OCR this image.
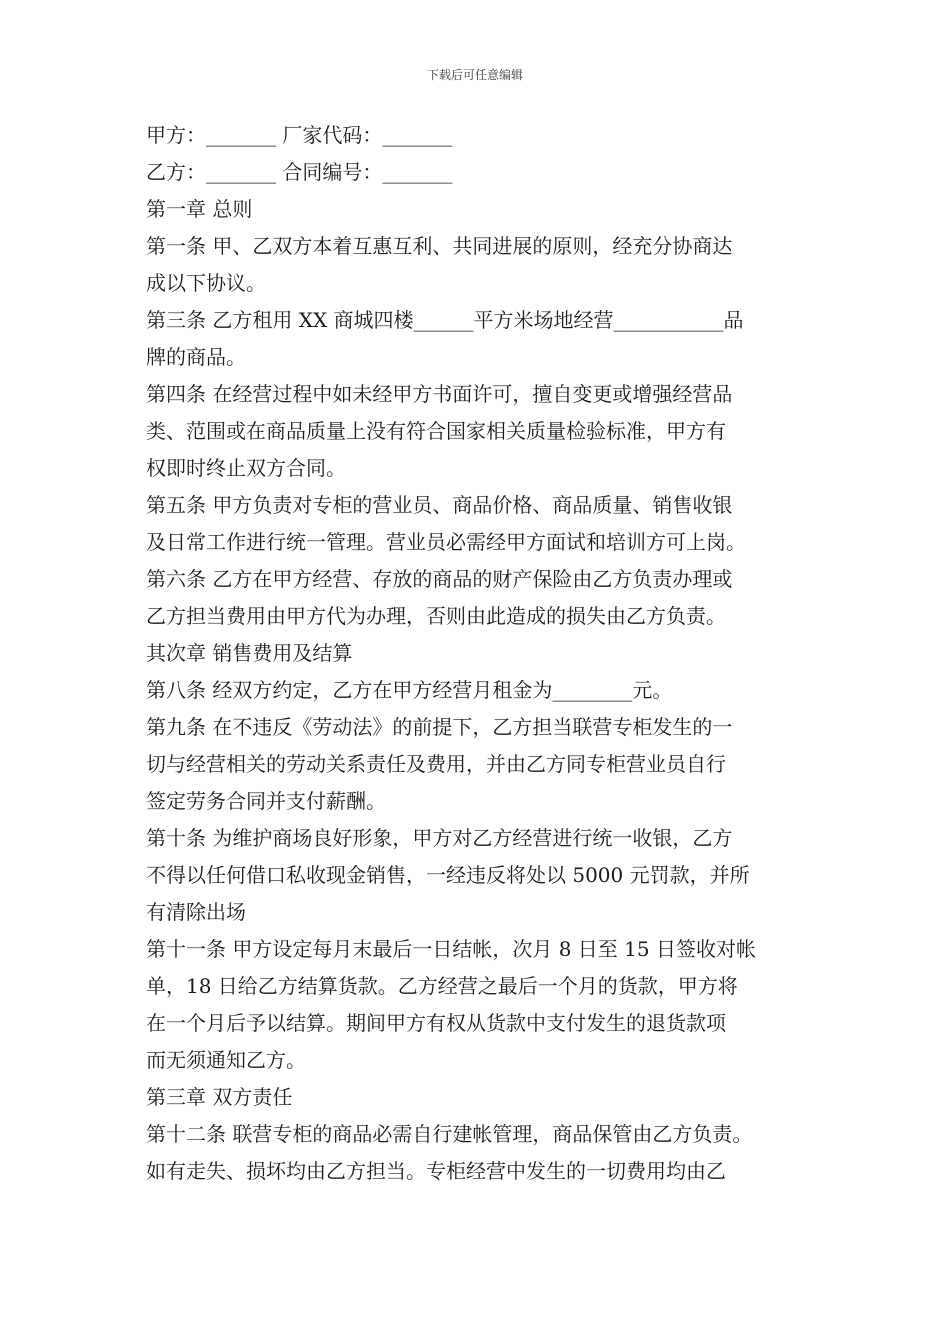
下载后可任意编辑
甲方：_______ 厂家代码：_______
乙方：_______ 合同编号：_______
第一章 总则
第一条 甲、乙双方本着互惠互利、共同进展的原则，经充分协商达
成以下协议。
第三条 乙方租用 XX 商城四楼______平方米场地经营___________品
牌的商品。
第四条 在经营过程中如未经甲方书面许可，擅自变更或增强经营品
类、范围或在商品质量上没有符合国家相关质量检验标准，甲方有
权即时终止双方合同。
第五条 甲方负责对专柜的营业员、商品价格、商品质量、销售收银
及日常工作进行统一管理。营业员必需经甲方面试和培训方可上岗。
第六条 乙方在甲方经营、存放的商品的财产保险由乙方负责办理或
乙方担当费用由甲方代为办理，否则由此造成的损失由乙方负责。
其次章 销售费用及结算
第八条 经双方约定，乙方在甲方经营月租金为________元。
第九条 在不违反《劳动法》的前提下，乙方担当联营专柜发生的一
切与经营相关的劳动关系责任及费用，并由乙方同专柜营业员自行
签定劳务合同并支付薪酬。
第十条 为维护商场良好形象，甲方对乙方经营进行统一收银，乙方
不得以任何借口私收现金销售，一经违反将处以 5000 元罚款，并所
有清除出场
第十一条 甲方设定每月末最后一日结帐，次月 8 日至 15 日签收对帐
单，18 日给乙方结算货款。乙方经营之最后一个月的货款，甲方将
在一个月后予以结算。期间甲方有权从货款中支付发生的退货款项
而无须通知乙方。
第三章 双方责任
第十二条 联营专柜的商品必需自行建帐管理，商品保管由乙方负责。
如有走失、损坏均由乙方担当。专柜经营中发生的一切费用均由乙
